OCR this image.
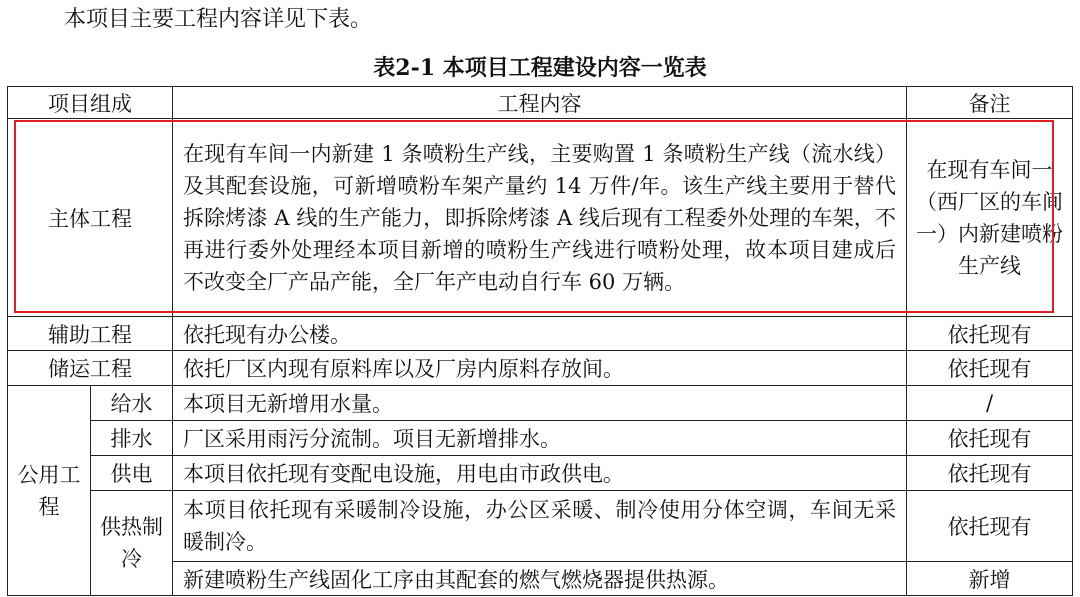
本项目主要工程内容详见下表。
表2-1 本项目工程建设内容一览表
项目组成		工程内容	备注
主体工程		在现有车间一内新建 1 条喷粉生产线，主要购置 1 条喷粉生产线（流水线）及其配套设施，可新增喷粉车架产量约 14 万件/年。该生产线主要用于替代拆除烤漆 A 线的生产能力，即拆除烤漆 A 线后现有工程委外处理的车架，不再进行委外处理经本项目新增的喷粉生产线进行喷粉处理，故本项目建成后不改变全厂产品产能，全厂年产电动自行车 60 万辆。	在现有车间一（西厂区的车间一）内新建喷粉生产线
辅助工程		依托现有办公楼。	依托现有
储运工程		依托厂区内现有原料库以及厂房内原料存放间。	依托现有
公用工程	给水	本项目无新增用水量。	/
	排水	厂区采用雨污分流制。项目无新增排水。	依托现有
	供电	本项目依托现有变配电设施，用电由市政供电。	依托现有
	供热制冷	本项目依托现有采暖制冷设施，办公区采暖、制冷使用分体空调，车间无采暖制冷。	依托现有
		新建喷粉生产线固化工序由其配套的燃气燃烧器提供热源。	新增
